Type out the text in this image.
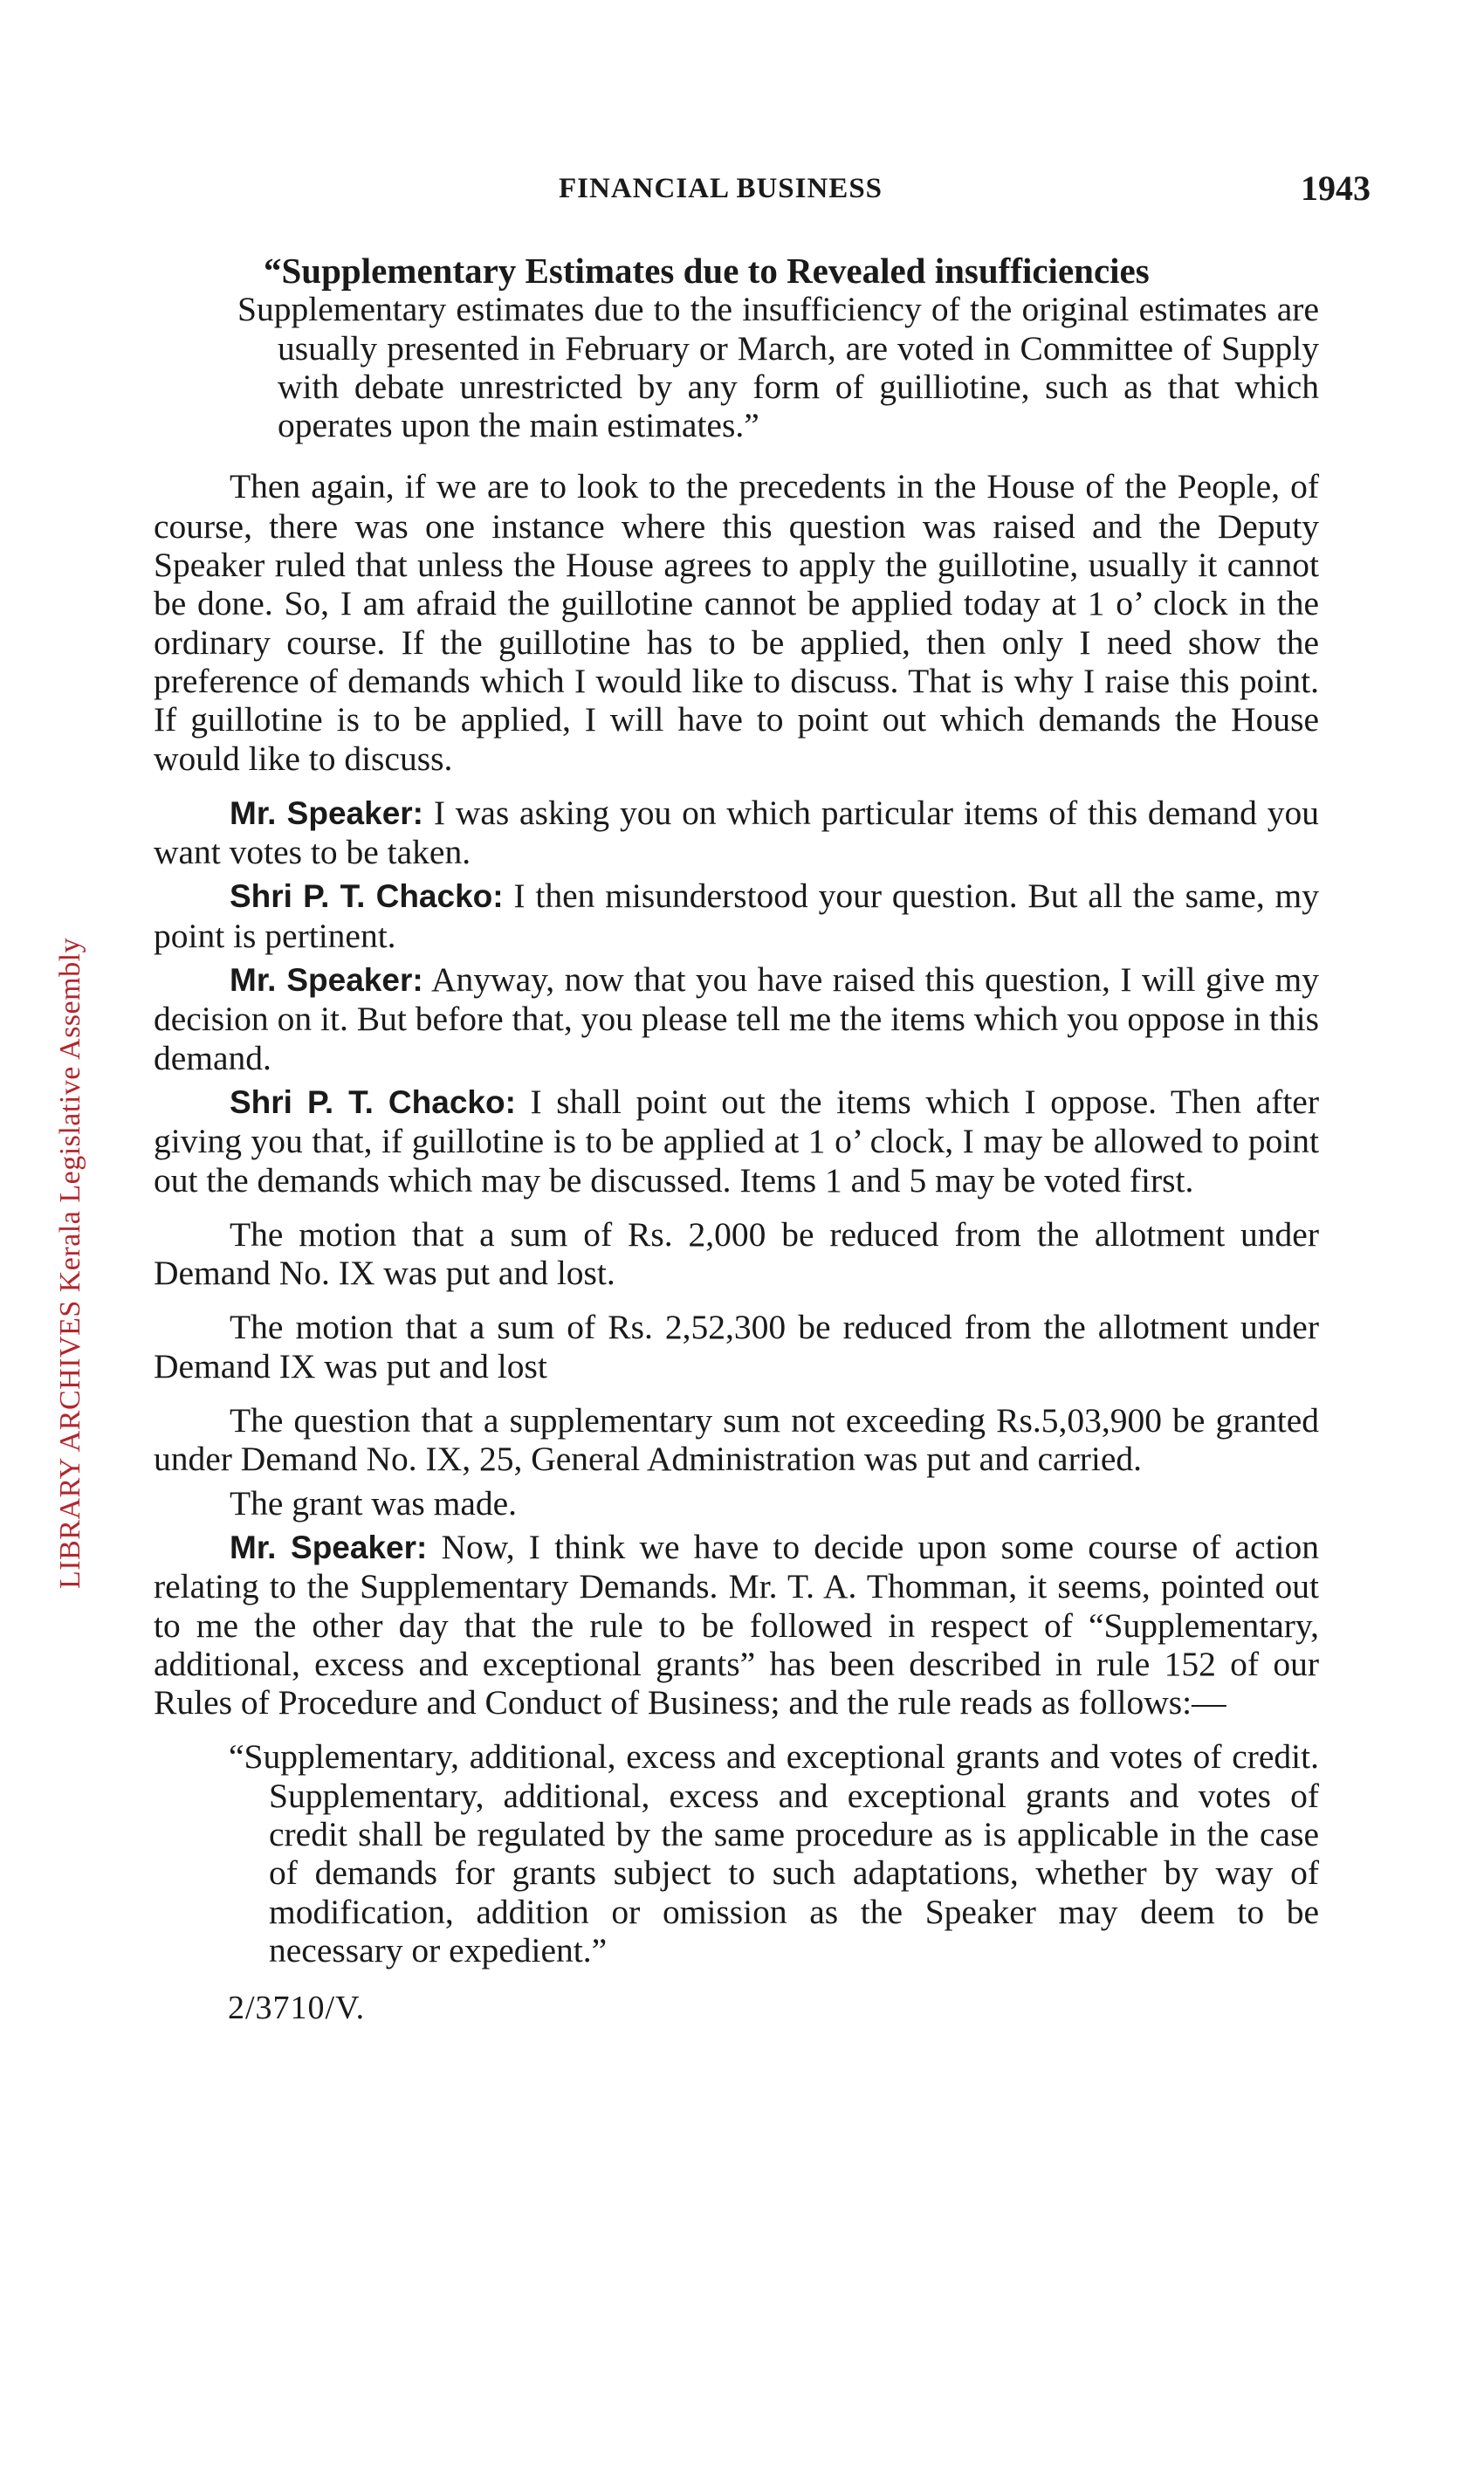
LIBRARY ARCHIVES Kerala Legislative Assembly
FINANCIAL BUSINESS	1943
“Supplementary Estimates due to Revealed insufficiencies
Supplementary estimates due to the insufficiency of the original estimates are usually presented in February or March, are voted in Committee of Supply with debate unrestricted by any form of guilliotine, such as that which operates upon the main estimates.”

Then again, if we are to look to the precedents in the House of the People, of course, there was one instance where this question was raised and the Deputy Speaker ruled that unless the House agrees to apply the guillotine, usually it cannot be done. So, I am afraid the guillotine cannot be applied today at 1 o’ clock in the ordinary course. If the guillotine has to be applied, then only I need show the preference of demands which I would like to discuss. That is why I raise this point. If guillotine is to be applied, I will have to point out which demands the House would like to discuss.

Mr. Speaker: I was asking you on which particular items of this demand you want votes to be taken.

Shri P. T. Chacko: I then misunderstood your question. But all the same, my point is pertinent.

Mr. Speaker: Anyway, now that you have raised this question, I will give my decision on it. But before that, you please tell me the items which you oppose in this demand.

Shri P. T. Chacko: I shall point out the items which I oppose. Then after giving you that, if guillotine is to be applied at 1 o’ clock, I may be allowed to point out the demands which may be discussed. Items 1 and 5 may be voted first.

The motion that a sum of Rs. 2,000 be reduced from the allotment under Demand No. IX was put and lost.

The motion that a sum of Rs. 2,52,300 be reduced from the allotment under Demand IX was put and lost

The question that a supplementary sum not exceeding Rs.5,03,900 be granted under Demand No. IX, 25, General Administration was put and carried.

The grant was made.

Mr. Speaker: Now, I think we have to decide upon some course of action relating to the Supplementary Demands. Mr. T. A. Thomman, it seems, pointed out to me the other day that the rule to be followed in respect of “Supplementary, additional, excess and exceptional grants” has been described in rule 152 of our Rules of Procedure and Conduct of Business; and the rule reads as follows:—

“Supplementary, additional, excess and exceptional grants and votes of credit. Supplementary, additional, excess and exceptional grants and votes of credit shall be regulated by the same procedure as is applicable in the case of demands for grants subject to such adaptations, whether by way of modification, addition or omission as the Speaker may deem to be necessary or expedient.”
2/3710/V.
